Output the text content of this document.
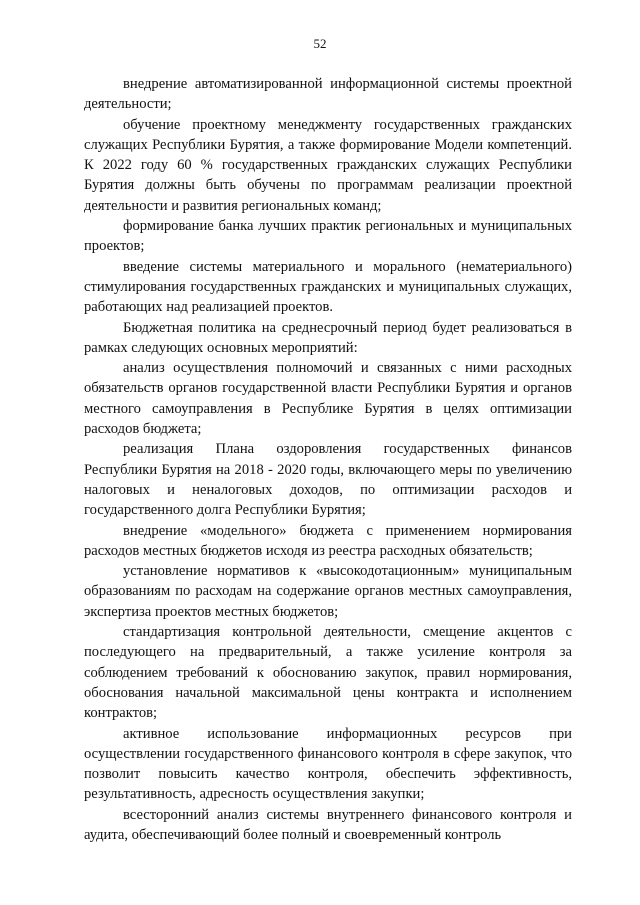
52

внедрение автоматизированной информационной системы проектной деятельности;

обучение проектному менеджменту государственных гражданских служащих Республики Бурятия, а также формирование Модели компетенций. К 2022 году 60 % государственных гражданских служащих Республики Бурятия должны быть обучены по программам реализации проектной деятельности и развития региональных команд;

формирование банка лучших практик региональных и муниципальных проектов;

введение системы материального и морального (нематериального) стимулирования государственных гражданских и муниципальных служащих, работающих над реализацией проектов.

Бюджетная политика на среднесрочный период будет реализоваться в рамках следующих основных мероприятий:

анализ осуществления полномочий и связанных с ними расходных обязательств органов государственной власти Республики Бурятия и органов местного самоуправления в Республике Бурятия в целях оптимизации расходов бюджета;

реализация Плана оздоровления государственных финансов Республики Бурятия на 2018 - 2020 годы, включающего меры по увеличению налоговых и неналоговых доходов, по оптимизации расходов и государственного долга Республики Бурятия;

внедрение «модельного» бюджета с применением нормирования расходов местных бюджетов исходя из реестра расходных обязательств;

установление нормативов к «высокодотационным» муниципальным образованиям по расходам на содержание органов местных самоуправления, экспертиза проектов местных бюджетов;

стандартизация контрольной деятельности, смещение акцентов с последующего на предварительный, а также усиление контроля за соблюдением требований к обоснованию закупок, правил нормирования, обоснования начальной максимальной цены контракта и исполнением контрактов;

активное использование информационных ресурсов при осуществлении государственного финансового контроля в сфере закупок, что позволит повысить качество контроля, обеспечить эффективность, результативность, адресность осуществления закупки;

всесторонний анализ системы внутреннего финансового контроля и аудита, обеспечивающий более полный и своевременный контроль
